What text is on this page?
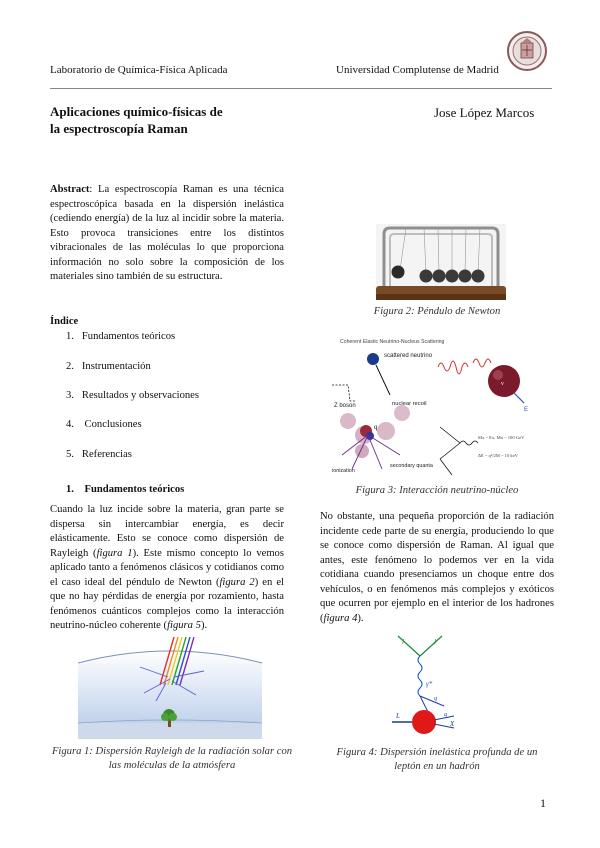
Laboratorio de Química-Física Aplicada	Universidad Complutense de Madrid
Aplicaciones químico-físicas de
la espectroscopía Raman
Jose López Marcos
Abstract: La espectroscopía Raman es una técnica espectroscópica basada en la dispersión inelástica (cediendo energía) de la luz al incidir sobre la materia. Esto provoca transiciones entre los distintos vibracionales de las moléculas lo que proporciona información no solo sobre la composición de los materiales sino también de su estructura.
Índice
1. Fundamentos teóricos
2. Instrumentación
3. Resultados y observaciones
4. Conclusiones
5. Referencias
1. Fundamentos teóricos
Cuando la luz incide sobre la materia, gran parte se dispersa sin intercambiar energía, es decir elásticamente. Esto se conoce como dispersión de Rayleigh (figura 1). Este mismo concepto lo vemos aplicado tanto a fenómenos clásicos y cotidianos como el caso ideal del péndulo de Newton (figura 2) en el que no hay pérdidas de energía por rozamiento, hasta fenómenos cuánticos complejos como la interacción neutrino-núcleo coherente (figura 5).
Figura 1: Dispersión Rayleigh de la radiación solar con las moléculas de la atmósfera
Figura 2: Péndulo de Newton
Coherent Elastic Neutrino-Nucleus Scattering
scattered neutrino
Z boson	nuclear recoil
q
ionization
secondary quanta
ν
E
Mx ~ Ex, Mn ~ 100 GeV
ΔE ~ q²/2M ~ 10 keV
Figura 3: Interacción neutrino-núcleo
No obstante, una pequeña proporción de la radiación incidente cede parte de su energía, produciendo lo que se conoce como dispersión de Raman. Al igual que antes, este fenómeno lo podemos ver en la vida cotidiana cuando presenciamos un choque entre dos vehículos, o en fenómenos más complejos y exóticos que ocurren por ejemplo en el interior de los hadrones (figura 4).
l	l
γ*
q
q
L
X
Figura 4: Dispersión inelástica profunda de un leptón en un hadrón
1
